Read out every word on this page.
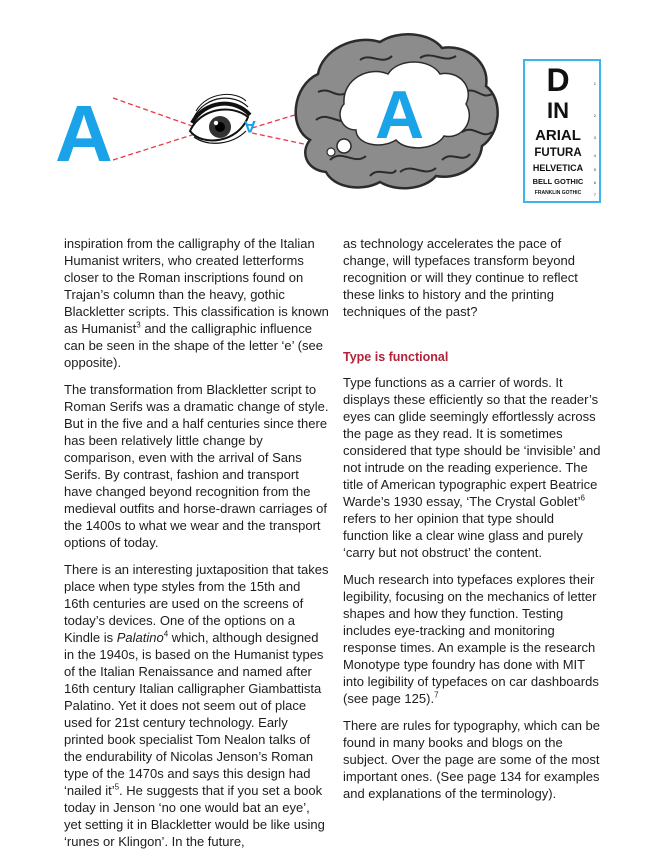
A	A A	D
IN
ARIAL
FUTURA
HELVETICA
BELL GOTHIC
FRANKLIN GOTHIC
1
2
3
4
5
6
7

inspiration from the calligraphy of the Italian Humanist writers, who created letterforms closer to the Roman inscriptions found on Trajan’s column than the heavy, gothic Blackletter scripts. This classification is known as Humanist$^3$ and the calligraphic influence can be seen in the shape of the letter ‘e’ (see opposite).

The transformation from Blackletter script to Roman Serifs was a dramatic change of style. But in the five and a half centuries since there has been relatively little change by comparison, even with the arrival of Sans Serifs. By contrast, fashion and transport have changed beyond recognition from the medieval outfits and horse-drawn carriages of the 1400s to what we wear and the transport options of today.

There is an interesting juxtaposition that takes place when type styles from the 15th and 16th centuries are used on the screens of today’s devices. One of the options on a Kindle is Palatino$^4$ which, although designed in the 1940s, is based on the Humanist types of the Italian Renaissance and named after 16th century Italian calligrapher Giambattista Palatino. Yet it does not seem out of place used for 21st century technology. Early printed book specialist Tom Nealon talks of the endurability of Nicolas Jenson’s Roman type of the 1470s and says this design had ‘nailed it’$^5$. He suggests that if you set a book today in Jenson ‘no one would bat an eye’, yet setting it in Blackletter would be like using ‘runes or Klingon’. In the future,

as technology accelerates the pace of change, will typefaces transform beyond recognition or will they continue to reflect these links to history and the printing techniques of the past?

Type is functional

Type functions as a carrier of words. It displays these efficiently so that the reader’s eyes can glide seemingly effortlessly across the page as they read. It is sometimes considered that type should be ‘invisible’ and not intrude on the reading experience. The title of American typographic expert Beatrice Warde’s 1930 essay, ‘The Crystal Goblet’$^6$ refers to her opinion that type should function like a clear wine glass and purely ‘carry but not obstruct’ the content.

Much research into typefaces explores their legibility, focusing on the mechanics of letter shapes and how they function. Testing includes eye-tracking and monitoring response times. An example is the research Monotype type foundry has done with MIT into legibility of typefaces on car dashboards (see page 125).$^7$

There are rules for typography, which can be found in many books and blogs on the subject. Over the page are some of the most important ones. (See page 134 for examples and explanations of the terminology).
